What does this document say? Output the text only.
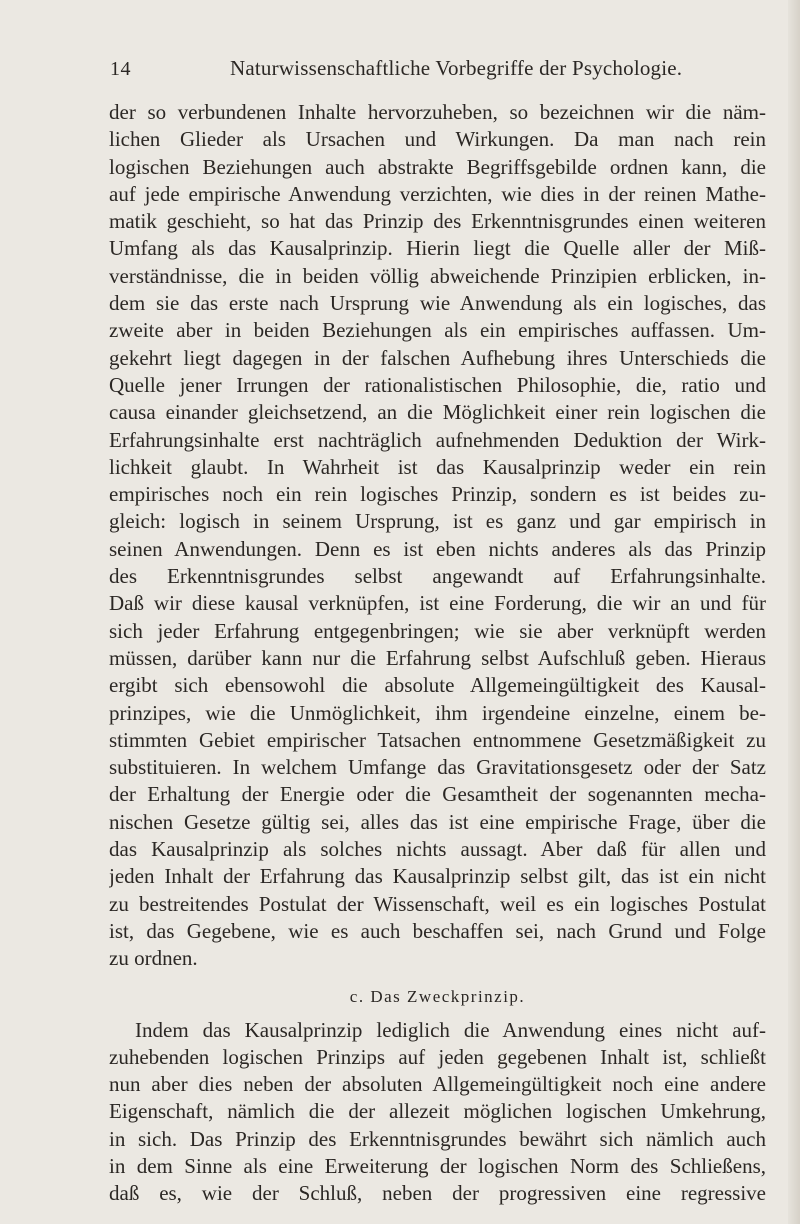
14	Naturwissenschaftliche Vorbegriffe der Psychologie.
der so verbundenen Inhalte hervorzuheben, so bezeichnen wir die näm-
lichen Glieder als Ursachen und Wirkungen. Da man nach rein
logischen Beziehungen auch abstrakte Begriffsgebilde ordnen kann, die
auf jede empirische Anwendung verzichten, wie dies in der reinen Mathe-
matik geschieht, so hat das Prinzip des Erkenntnisgrundes einen weiteren
Umfang als das Kausalprinzip. Hierin liegt die Quelle aller der Miß-
verständnisse, die in beiden völlig abweichende Prinzipien erblicken, in-
dem sie das erste nach Ursprung wie Anwendung als ein logisches, das
zweite aber in beiden Beziehungen als ein empirisches auffassen. Um-
gekehrt liegt dagegen in der falschen Aufhebung ihres Unterschieds die
Quelle jener Irrungen der rationalistischen Philosophie, die, ratio und
causa einander gleichsetzend, an die Möglichkeit einer rein logischen die
Erfahrungsinhalte erst nachträglich aufnehmenden Deduktion der Wirk-
lichkeit glaubt. In Wahrheit ist das Kausalprinzip weder ein rein
empirisches noch ein rein logisches Prinzip, sondern es ist beides zu-
gleich: logisch in seinem Ursprung, ist es ganz und gar empirisch in
seinen Anwendungen. Denn es ist eben nichts anderes als das Prinzip
des Erkenntnisgrundes selbst angewandt auf Erfahrungsinhalte.
Daß wir diese kausal verknüpfen, ist eine Forderung, die wir an und für
sich jeder Erfahrung entgegenbringen; wie sie aber verknüpft werden
müssen, darüber kann nur die Erfahrung selbst Aufschluß geben. Hieraus
ergibt sich ebensowohl die absolute Allgemeingültigkeit des Kausal-
prinzipes, wie die Unmöglichkeit, ihm irgendeine einzelne, einem be-
stimmten Gebiet empirischer Tatsachen entnommene Gesetzmäßigkeit zu
substituieren. In welchem Umfange das Gravitationsgesetz oder der Satz
der Erhaltung der Energie oder die Gesamtheit der sogenannten mecha-
nischen Gesetze gültig sei, alles das ist eine empirische Frage, über die
das Kausalprinzip als solches nichts aussagt. Aber daß für allen und
jeden Inhalt der Erfahrung das Kausalprinzip selbst gilt, das ist ein nicht
zu bestreitendes Postulat der Wissenschaft, weil es ein logisches Postulat
ist, das Gegebene, wie es auch beschaffen sei, nach Grund und Folge
zu ordnen.
c. Das Zweckprinzip.
Indem das Kausalprinzip lediglich die Anwendung eines nicht auf-
zuhebenden logischen Prinzips auf jeden gegebenen Inhalt ist, schließt
nun aber dies neben der absoluten Allgemeingültigkeit noch eine andere
Eigenschaft, nämlich die der allezeit möglichen logischen Umkehrung,
in sich. Das Prinzip des Erkenntnisgrundes bewährt sich nämlich auch
in dem Sinne als eine Erweiterung der logischen Norm des Schließens,
daß es, wie der Schluß, neben der progressiven eine regressive
